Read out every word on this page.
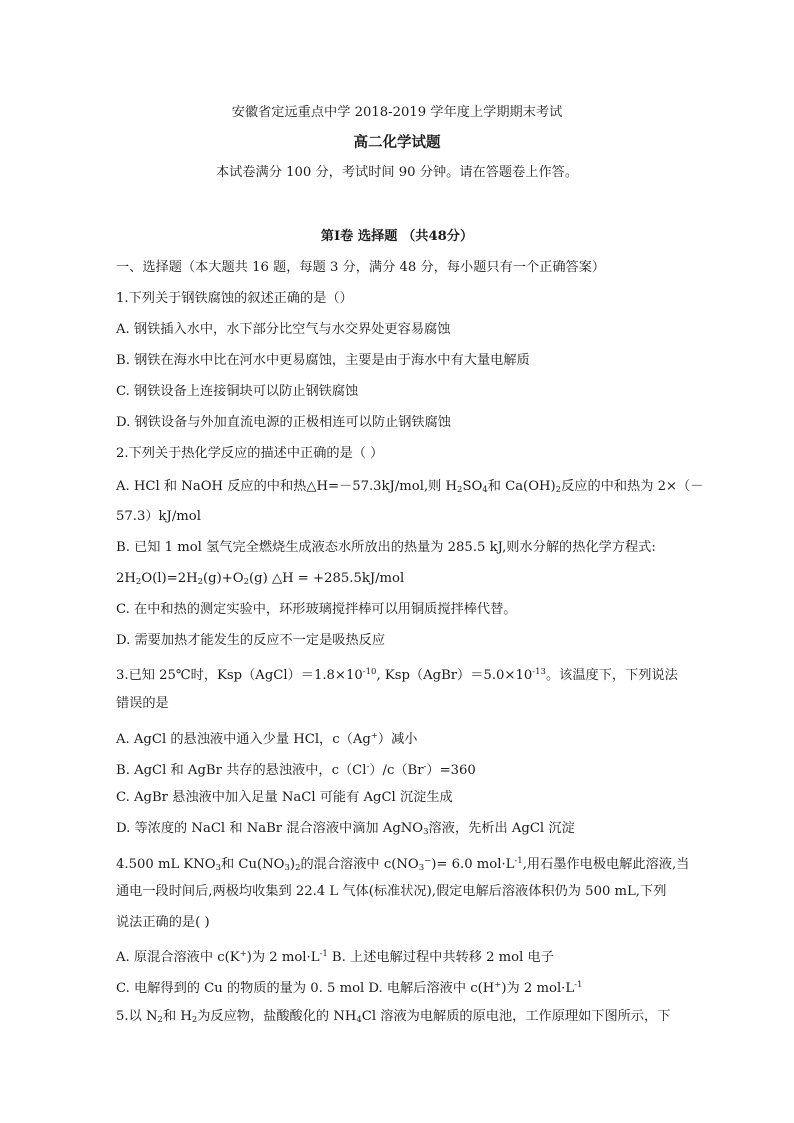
安徽省定远重点中学 2018-2019 学年度上学期期末考试
高二化学试题
本试卷满分 100 分，考试时间 90 分钟。请在答题卷上作答。
第I卷 选择题 （共48分）
一、选择题（本大题共 16 题，每题 3 分，满分 48 分，每小题只有一个正确答案）
1.下列关于钢铁腐蚀的叙述正确的是（）
A. 钢铁插入水中，水下部分比空气与水交界处更容易腐蚀
B. 钢铁在海水中比在河水中更易腐蚀，主要是由于海水中有大量电解质
C. 钢铁设备上连接铜块可以防止钢铁腐蚀
D. 钢铁设备与外加直流电源的正极相连可以防止钢铁腐蚀
2.下列关于热化学反应的描述中正确的是（ ）
A. HCl 和 NaOH 反应的中和热△H=－57.3kJ/mol,则 $H_2SO_4$和 $Ca(OH)_2$反应的中和热为 2×（－
57.3）kJ/mol
B. 已知 1 mol 氢气完全燃烧生成液态水所放出的热量为 285.5 kJ,则水分解的热化学方程式:
$2H_2O(l)=2H_2(g)+O_2(g)$ △H = +285.5kJ/mol
C. 在中和热的测定实验中，环形玻璃搅拌棒可以用铜质搅拌棒代替。
D. 需要加热才能发生的反应不一定是吸热反应
3.已知 25℃时，$Ksp(AgCl)=1.8\times 10^{-10}$, $Ksp(AgBr)=5.0\times 10^{-13}$。该温度下，下列说法
错误的是
A. AgCl 的悬浊液中通入少量 HCl，c（Ag+）减小
B. AgCl 和 AgBr 共存的悬浊液中，c（Cl-）/c（Br-）=360
C. AgBr 悬浊液中加入足量 NaCl 可能有 AgCl 沉淀生成
D. 等浓度的 NaCl 和 NaBr 混合溶液中滴加 AgNO$_3$溶液，先析出 AgCl 沉淀
4.500 mL $KNO_3$和 $Cu(NO_3)_2$的混合溶液中 $c(NO_3^-)= 6.0$ $mol\cdot L^{-1}$,用石墨作电极电解此溶液,当
通电一段时间后,两极均收集到 22.4 L 气体(标准状况),假定电解后溶液体积仍为 500 mL,下列
说法正确的是( )
A. 原混合溶液中 c(K+)为 2 $mol\cdot L^{-1}$ B. 上述电解过程中共转移 2 mol 电子
C. 电解得到的 Cu 的物质的量为 0. 5 mol D. 电解后溶液中 c(H+)为 2 $mol\cdot L^{-1}$
5.以 $N_2$和 $H_2$为反应物，盐酸酸化的 $NH_4Cl$ 溶液为电解质的原电池，工作原理如下图所示，下
